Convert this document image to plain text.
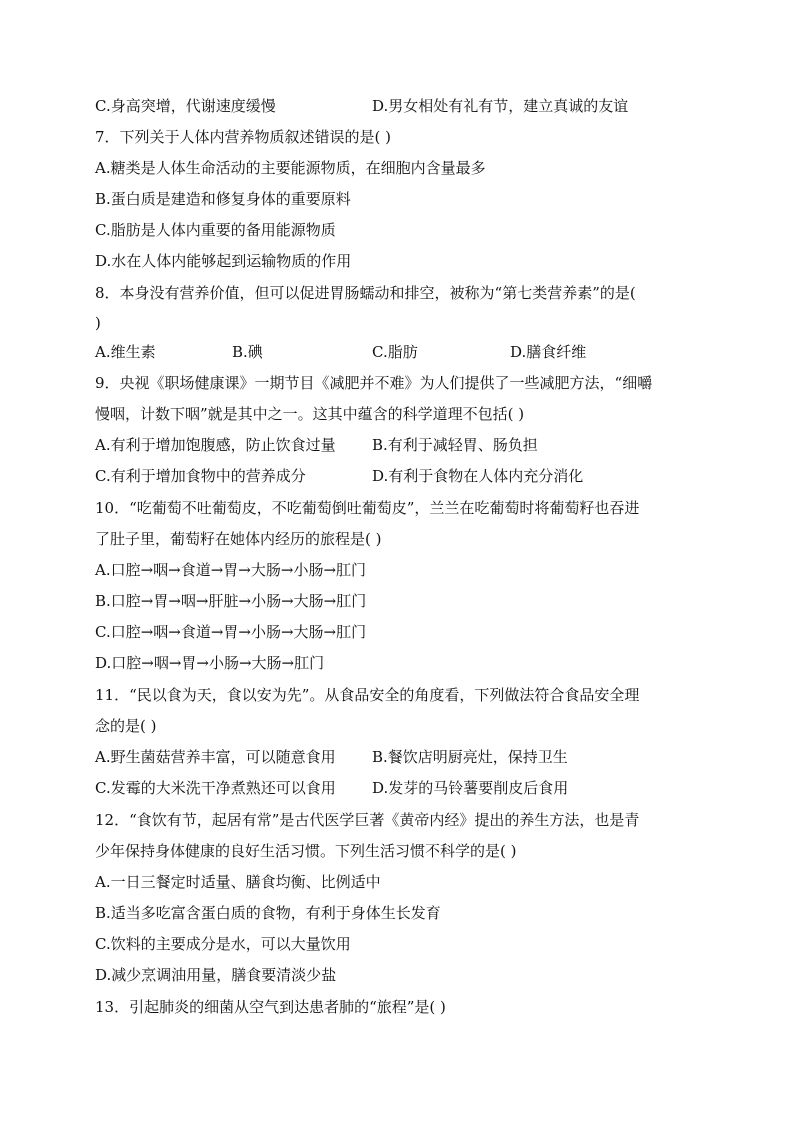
C.身高突增，代谢速度缓慢	D.男女相处有礼有节，建立真诚的友谊
7．下列关于人体内营养物质叙述错误的是( )
A.糖类是人体生命活动的主要能源物质，在细胞内含量最多
B.蛋白质是建造和修复身体的重要原料
C.脂肪是人体内重要的备用能源物质
D.水在人体内能够起到运输物质的作用
8．本身没有营养价值，但可以促进胃肠蠕动和排空，被称为“第七类营养素”的是(
)
A.维生素	B.碘	C.脂肪	D.膳食纤维
9．央视《职场健康课》一期节目《减肥并不难》为人们提供了一些减肥方法，“细嚼
慢咽，计数下咽”就是其中之一。这其中蕴含的科学道理不包括( )
A.有利于增加饱腹感，防止饮食过量 B.有利于减轻胃、肠负担
C.有利于增加食物中的营养成分	D.有利于食物在人体内充分消化
10．“吃葡萄不吐葡萄皮，不吃葡萄倒吐葡萄皮”，兰兰在吃葡萄时将葡萄籽也吞进
了肚子里，葡萄籽在她体内经历的旅程是( )
A.口腔→咽→食道→胃→大肠→小肠→肛门
B.口腔→胃→咽→肝脏→小肠→大肠→肛门
C.口腔→咽→食道→胃→小肠→大肠→肛门
D.口腔→咽→胃→小肠→大肠→肛门
11．“民以食为天，食以安为先”。从食品安全的角度看，下列做法符合食品安全理
念的是( )
A.野生菌菇营养丰富，可以随意食用 B.餐饮店明厨亮灶，保持卫生
C.发霉的大米洗干净煮熟还可以食用 D.发芽的马铃薯要削皮后食用
12．“食饮有节，起居有常”是古代医学巨著《黄帝内经》提出的养生方法，也是青
少年保持身体健康的良好生活习惯。下列生活习惯不科学的是( )
A.一日三餐定时适量、膳食均衡、比例适中
B.适当多吃富含蛋白质的食物，有利于身体生长发育
C.饮料的主要成分是水，可以大量饮用
D.减少烹调油用量，膳食要清淡少盐
13．引起肺炎的细菌从空气到达患者肺的“旅程”是( )
